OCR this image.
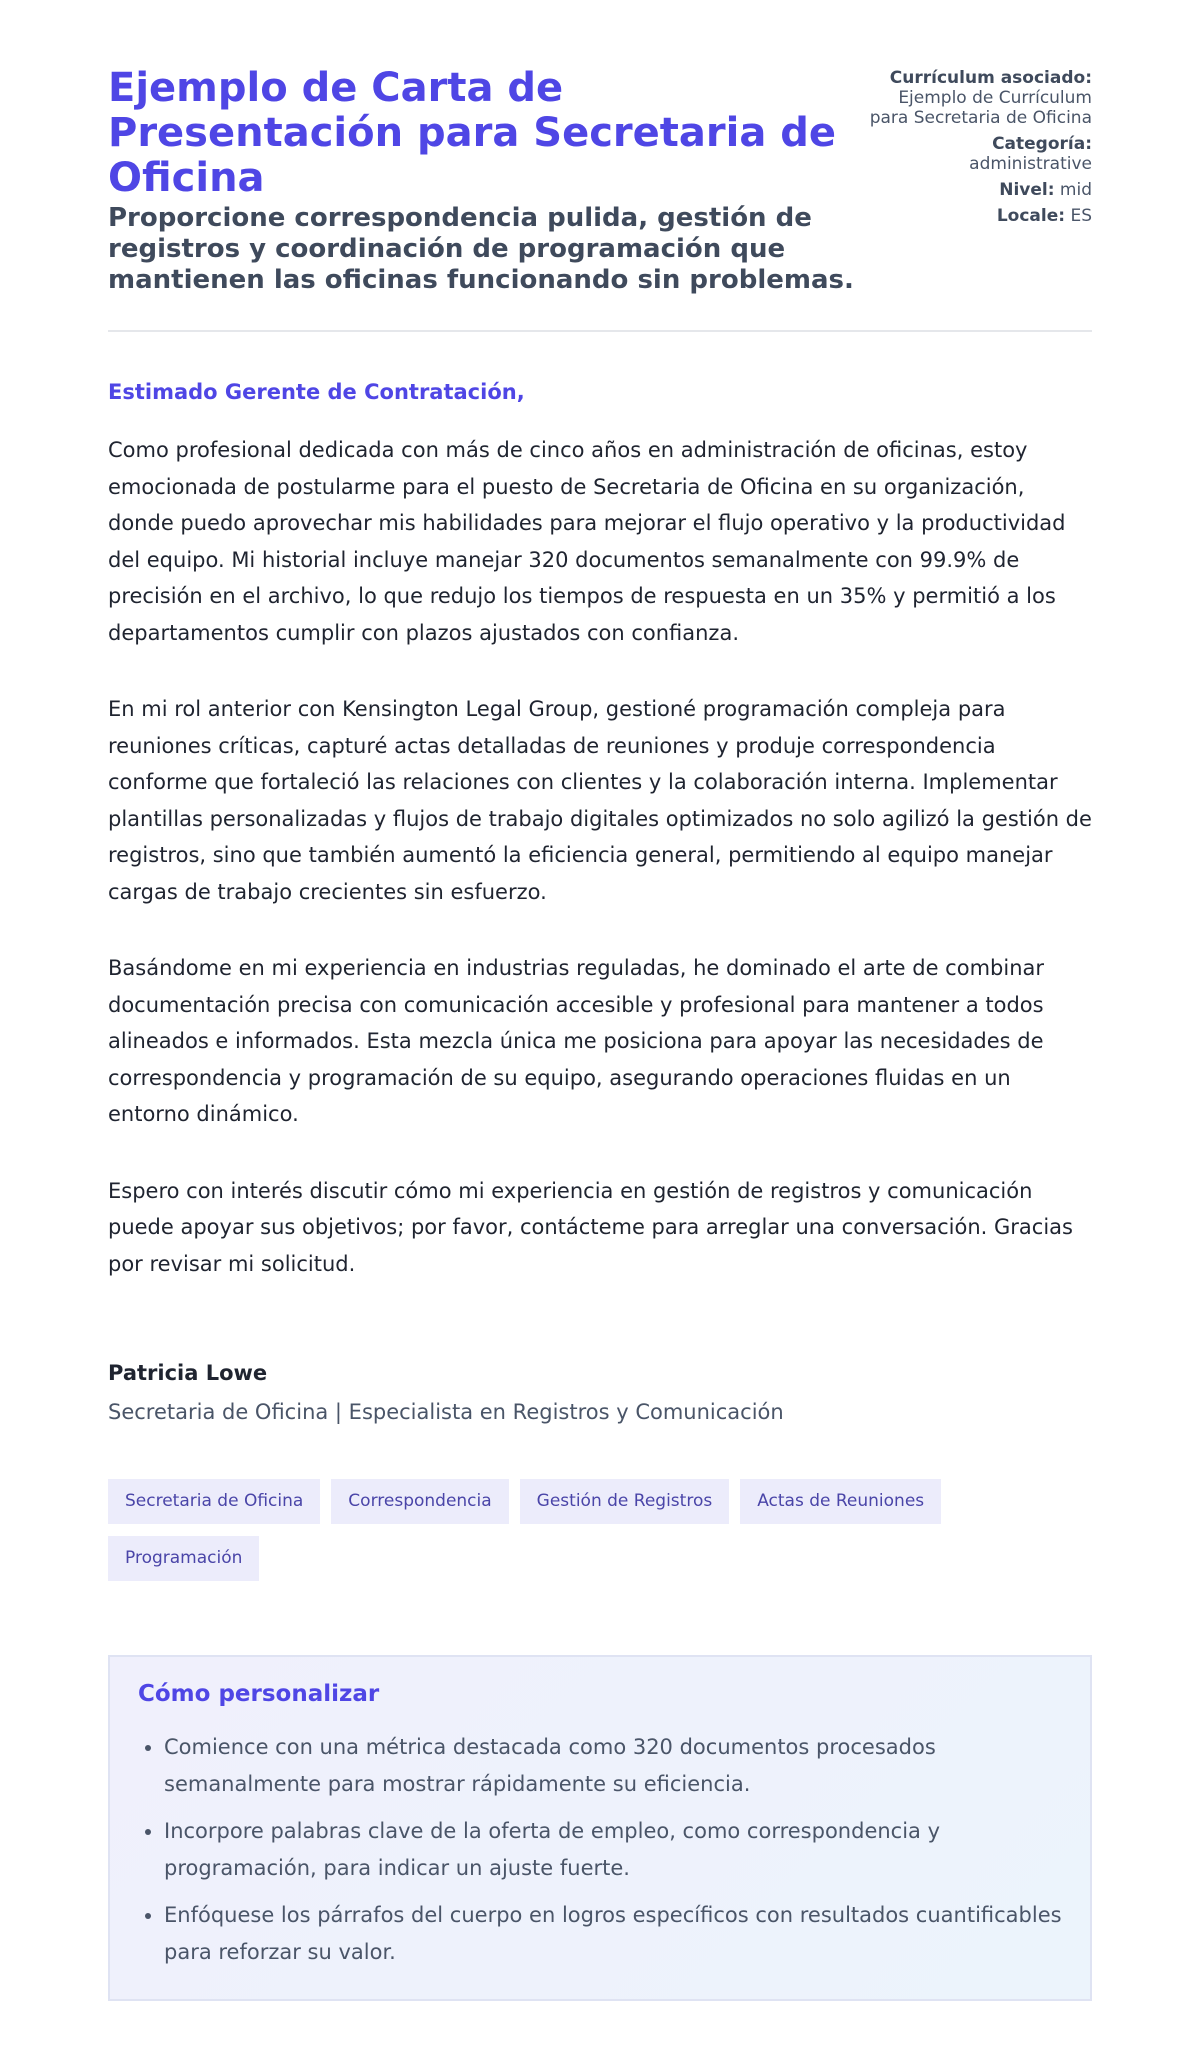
Ejemplo de Carta de Presentación para Secretaria de Oficina
Proporcione correspondencia pulida, gestión de registros y coordinación de programación que mantienen las oficinas funcionando sin problemas.
Currículum asociado:
Ejemplo de Currículum para Secretaria de Oficina
Categoría:
administrative
Nivel: mid
Locale: ES

Estimado Gerente de Contratación,

Como profesional dedicada con más de cinco años en administración de oficinas, estoy emocionada de postularme para el puesto de Secretaria de Oficina en su organización, donde puedo aprovechar mis habilidades para mejorar el flujo operativo y la productividad del equipo. Mi historial incluye manejar 320 documentos semanalmente con 99.9% de precisión en el archivo, lo que redujo los tiempos de respuesta en un 35% y permitió a los departamentos cumplir con plazos ajustados con confianza.

En mi rol anterior con Kensington Legal Group, gestioné programación compleja para reuniones críticas, capturé actas detalladas de reuniones y produje correspondencia conforme que fortaleció las relaciones con clientes y la colaboración interna. Implementar plantillas personalizadas y flujos de trabajo digitales optimizados no solo agilizó la gestión de registros, sino que también aumentó la eficiencia general, permitiendo al equipo manejar cargas de trabajo crecientes sin esfuerzo.

Basándome en mi experiencia en industrias reguladas, he dominado el arte de combinar documentación precisa con comunicación accesible y profesional para mantener a todos alineados e informados. Esta mezcla única me posiciona para apoyar las necesidades de correspondencia y programación de su equipo, asegurando operaciones fluidas en un entorno dinámico.

Espero con interés discutir cómo mi experiencia en gestión de registros y comunicación puede apoyar sus objetivos; por favor, contácteme para arreglar una conversación. Gracias por revisar mi solicitud.

Patricia Lowe

Secretaria de Oficina | Especialista en Registros y Comunicación

Secretaria de Oficina	Correspondencia	Gestión de Registros	Actas de Reuniones
Programación
Cómo personalizar
• Comience con una métrica destacada como 320 documentos procesados semanalmente para mostrar rápidamente su eficiencia.
• Incorpore palabras clave de la oferta de empleo, como correspondencia y programación, para indicar un ajuste fuerte.
• Enfóquese los párrafos del cuerpo en logros específicos con resultados cuantificables para reforzar su valor.
